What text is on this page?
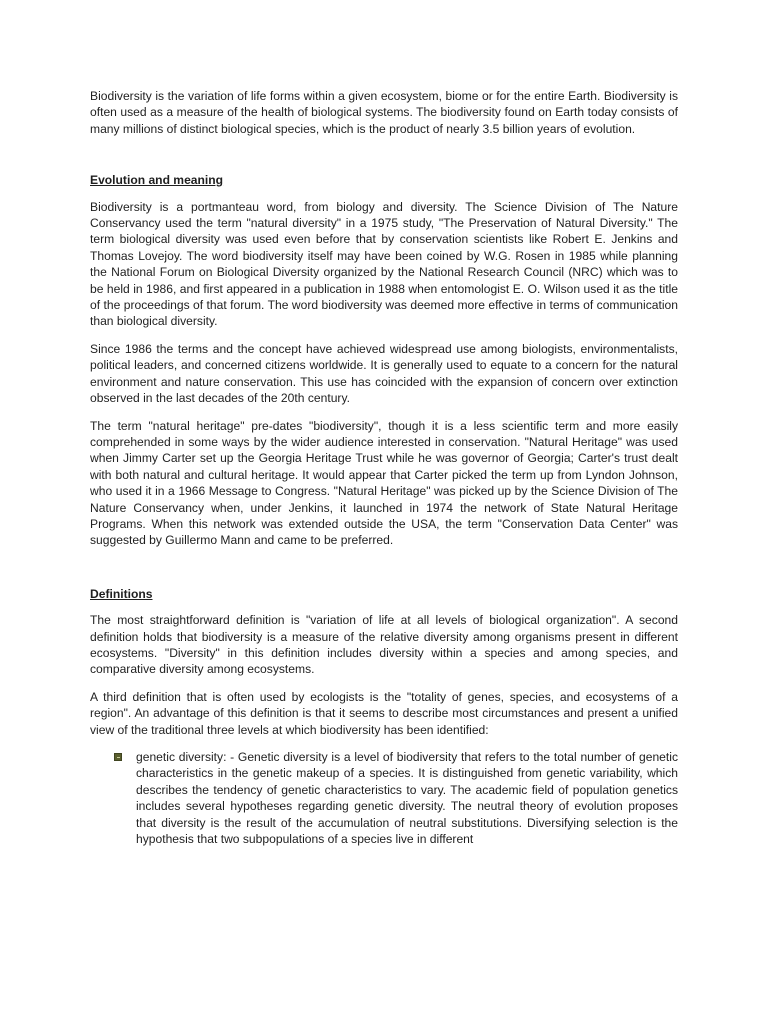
Biodiversity is the variation of life forms within a given ecosystem, biome or for the entire Earth. Biodiversity is often used as a measure of the health of biological systems. The biodiversity found on Earth today consists of many millions of distinct biological species, which is the product of nearly 3.5 billion years of evolution.

Evolution and meaning

Biodiversity is a portmanteau word, from biology and diversity. The Science Division of The Nature Conservancy used the term "natural diversity" in a 1975 study, "The Preservation of Natural Diversity." The term biological diversity was used even before that by conservation scientists like Robert E. Jenkins and Thomas Lovejoy. The word biodiversity itself may have been coined by W.G. Rosen in 1985 while planning the National Forum on Biological Diversity organized by the National Research Council (NRC) which was to be held in 1986, and first appeared in a publication in 1988 when entomologist E. O. Wilson used it as the title of the proceedings of that forum. The word biodiversity was deemed more effective in terms of communication than biological diversity.

Since 1986 the terms and the concept have achieved widespread use among biologists, environmentalists, political leaders, and concerned citizens worldwide. It is generally used to equate to a concern for the natural environment and nature conservation. This use has coincided with the expansion of concern over extinction observed in the last decades of the 20th century.

The term "natural heritage" pre-dates "biodiversity", though it is a less scientific term and more easily comprehended in some ways by the wider audience interested in conservation. "Natural Heritage" was used when Jimmy Carter set up the Georgia Heritage Trust while he was governor of Georgia; Carter's trust dealt with both natural and cultural heritage. It would appear that Carter picked the term up from Lyndon Johnson, who used it in a 1966 Message to Congress. "Natural Heritage" was picked up by the Science Division of The Nature Conservancy when, under Jenkins, it launched in 1974 the network of State Natural Heritage Programs. When this network was extended outside the USA, the term "Conservation Data Center" was suggested by Guillermo Mann and came to be preferred.

Definitions

The most straightforward definition is "variation of life at all levels of biological organization". A second definition holds that biodiversity is a measure of the relative diversity among organisms present in different ecosystems. "Diversity" in this definition includes diversity within a species and among species, and comparative diversity among ecosystems.

A third definition that is often used by ecologists is the "totality of genes, species, and ecosystems of a region". An advantage of this definition is that it seems to describe most circumstances and present a unified view of the traditional three levels at which biodiversity has been identified:

genetic diversity: - Genetic diversity is a level of biodiversity that refers to the total number of genetic characteristics in the genetic makeup of a species. It is distinguished from genetic variability, which describes the tendency of genetic characteristics to vary. The academic field of population genetics includes several hypotheses regarding genetic diversity. The neutral theory of evolution proposes that diversity is the result of the accumulation of neutral substitutions. Diversifying selection is the hypothesis that two subpopulations of a species live in different
